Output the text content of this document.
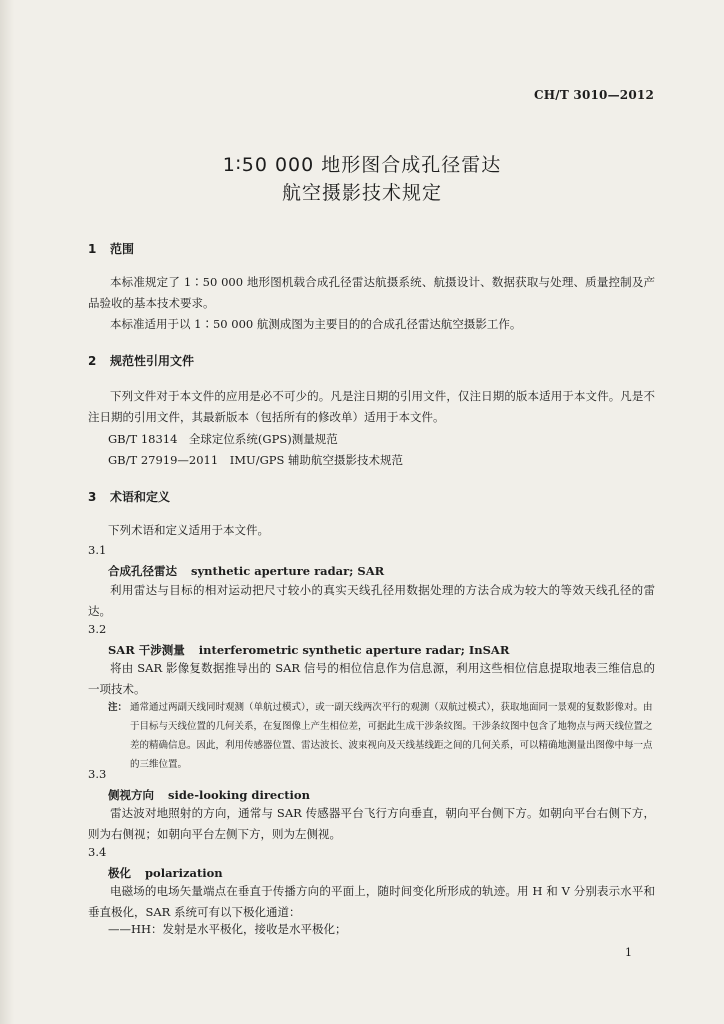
CH/T 3010—2012
1∶50 000 地形图合成孔径雷达
航空摄影技术规定
1 范围
本标准规定了 1∶50 000 地形图机载合成孔径雷达航摄系统、航摄设计、数据获取与处理、质量控制及产品验收的基本技术要求。
本标准适用于以 1∶50 000 航测成图为主要目的的合成孔径雷达航空摄影工作。
2 规范性引用文件
下列文件对于本文件的应用是必不可少的。凡是注日期的引用文件，仅注日期的版本适用于本文件。凡是不注日期的引用文件，其最新版本（包括所有的修改单）适用于本文件。
GB/T 18314　全球定位系统(GPS)测量规范
GB/T 27919—2011　IMU/GPS 辅助航空摄影技术规范
3 术语和定义
下列术语和定义适用于本文件。
3.1
合成孔径雷达 synthetic aperture radar; SAR
利用雷达与目标的相对运动把尺寸较小的真实天线孔径用数据处理的方法合成为较大的等效天线孔径的雷达。
3.2
SAR 干涉测量 interferometric synthetic aperture radar; InSAR
将由 SAR 影像复数据推导出的 SAR 信号的相位信息作为信息源，利用这些相位信息提取地表三维信息的一项技术。
注： 通常通过两副天线同时观测（单航过模式），或一副天线两次平行的观测（双航过模式），获取地面同一景观的复数影像对。由于目标与天线位置的几何关系，在复图像上产生相位差，可据此生成干涉条纹图。干涉条纹图中包含了地物点与两天线位置之差的精确信息。因此，利用传感器位置、雷达波长、波束视向及天线基线距之间的几何关系，可以精确地测量出图像中每一点的三维位置。
3.3
侧视方向 side-looking direction
雷达波对地照射的方向，通常与 SAR 传感器平台飞行方向垂直，朝向平台侧下方。如朝向平台右侧下方，则为右侧视；如朝向平台左侧下方，则为左侧视。
3.4
极化 polarization
电磁场的电场矢量端点在垂直于传播方向的平面上，随时间变化所形成的轨迹。用 H 和 V 分别表示水平和垂直极化，SAR 系统可有以下极化通道：
——HH：发射是水平极化，接收是水平极化；
1
